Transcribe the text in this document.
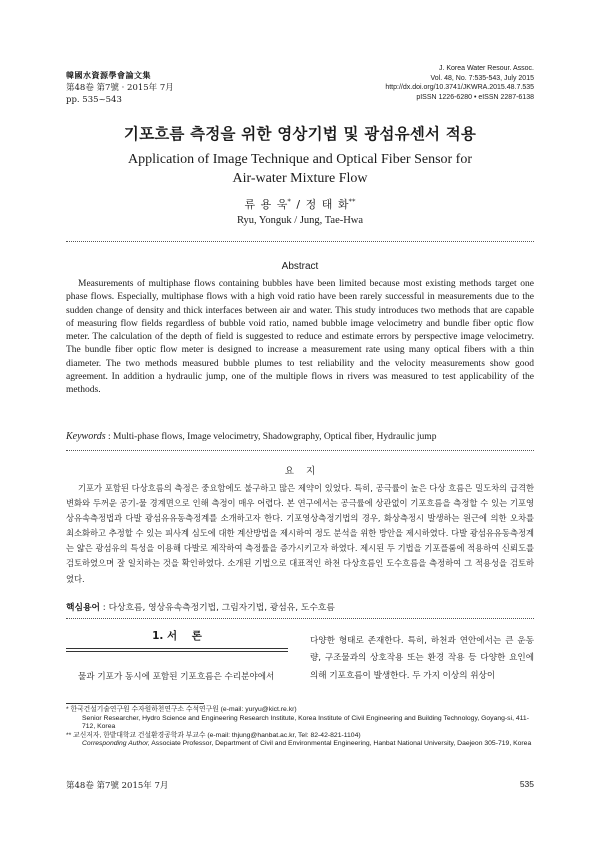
韓國水資源學會論文集
第48卷 第7號 · 2015年 7月
pp. 535~543
J. Korea Water Resour. Assoc.
Vol. 48, No. 7:535-543, July 2015
http://dx.doi.org/10.3741/JKWRA.2015.48.7.535
pISSN 1226-6280 • eISSN 2287-6138
기포흐름 측정을 위한 영상기법 및 광섬유센서 적용
Application of Image Technique and Optical Fiber Sensor for
Air-water Mixture Flow
류 용 욱* / 정 태 화**
Ryu, Yonguk / Jung, Tae-Hwa
Abstract
Measurements of multiphase flows containing bubbles have been limited because most existing methods target one phase flows. Especially, multiphase flows with a high void ratio have been rarely successful in measurements due to the sudden change of density and thick interfaces between air and water. This study introduces two methods that are capable of measuring flow fields regardless of bubble void ratio, named bubble image velocimetry and bundle fiber optic flow meter. The calculation of the depth of field is suggested to reduce and estimate errors by perspective image velocimetry. The bundle fiber optic flow meter is designed to increase a measurement rate using many optical fibers with a thin diameter. The two methods measured bubble plumes to test reliability and the velocity measurements show good agreement. In addition a hydraulic jump, one of the multiple flows in rivers was measured to test applicability of the methods.
Keywords : Multi-phase flows, Image velocimetry, Shadowgraphy, Optical fiber, Hydraulic jump
요    지
기포가 포함된 다상흐름의 측정은 중요함에도 불구하고 많은 제약이 있었다. 특히, 공극률이 높은 다상 흐름은 밀도차의 급격한 변화와 두꺼운 공기-물 경계면으로 인해 측정이 매우 어렵다. 본 연구에서는 공극률에 상관없이 기포흐름을 측정할 수 있는 기포영상유속측정법과 다발 광섬유유동측정계를 소개하고자 한다. 기포영상측정기법의 경우, 화상측정시 발생하는 원근에 의한 오차를 최소화하고 추정할 수 있는 피사계 심도에 대한 계산방법을 제시하여 정도 분석을 위한 방안을 제시하였다. 다발 광섬유유동측정계는 얇은 광섬유의 특성을 이용해 다발로 제작하여 측정률을 증가시키고자 하였다. 제시된 두 기법을 기포플룸에 적용하여 신뢰도를 검토하였으며 잘 일치하는 것을 확인하였다. 소개된 기법으로 대표적인 하천 다상흐름인 도수흐름을 측정하여 그 적용성을 검토하였다.
핵심용어 : 다상흐름, 영상유속측정기법, 그림자기법, 광섬유, 도수흐름
1. 서    론
물과 기포가 동시에 포함된 기포흐름은 수리분야에서
다양한 형태로 존재한다. 특히, 하천과 연안에서는 큰 운동량, 구조물과의 상호작용 또는 환경 작용 등 다양한 요인에 의해 기포흐름이 발생한다. 두 가지 이상의 위상이
* 한국건설기술연구원 수자원하천연구소 수석연구원 (e-mail: yuryu@kict.re.kr)
Senior Researcher, Hydro Science and Engineering Research Institute, Korea Institute of Civil Engineering and Building Technology, Goyang-si, 411-712, Korea
** 교신저자, 한밭대학교 건설환경공학과 부교수 (e-mail: thjung@hanbat.ac.kr, Tel: 82-42-821-1104)
Corresponding Author, Associate Professor, Department of Civil and Environmental Engineering, Hanbat National University, Daejeon 305-719, Korea
第48卷 第7號 2015年 7月	535
